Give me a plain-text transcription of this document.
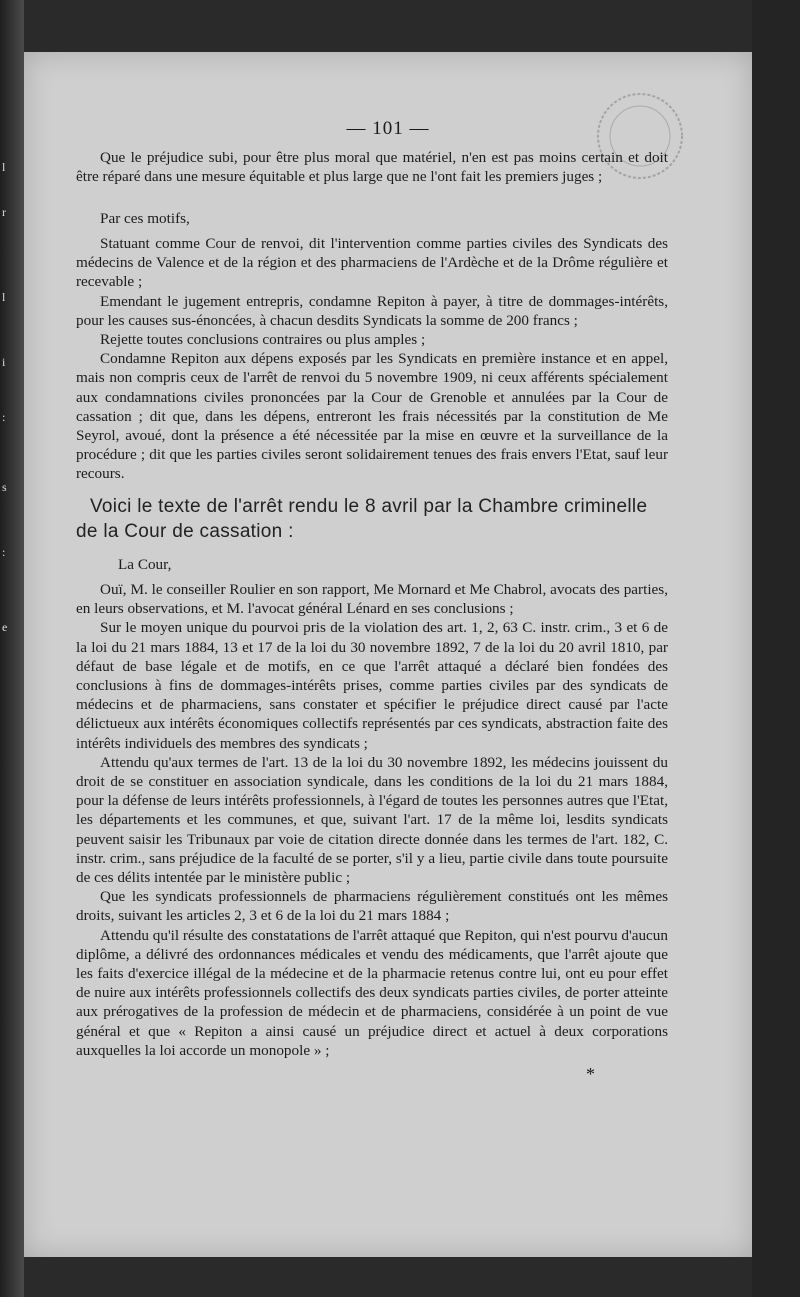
l
r
l
i
:
s
:
e
— 101 —

Que le préjudice subi, pour être plus moral que matériel, n'en est pas moins certain et doit être réparé dans une mesure équitable et plus large que ne l'ont fait les premiers juges ;

Par ces motifs,

Statuant comme Cour de renvoi, dit l'intervention comme parties civiles des Syndicats des médecins de Valence et de la région et des pharmaciens de l'Ardèche et de la Drôme régulière et recevable ;

Emendant le jugement entrepris, condamne Repiton à payer, à titre de dommages-intérêts, pour les causes sus-énoncées, à chacun desdits Syndicats la somme de 200 francs ;

Rejette toutes conclusions contraires ou plus amples ;

Condamne Repiton aux dépens exposés par les Syndicats en première instance et en appel, mais non compris ceux de l'arrêt de renvoi du 5 novembre 1909, ni ceux afférents spécialement aux condamnations civiles prononcées par la Cour de Grenoble et annulées par la Cour de cassation ; dit que, dans les dépens, entreront les frais nécessités par la constitution de Me Seyrol, avoué, dont la présence a été nécessitée par la mise en œuvre et la surveillance de la procédure ; dit que les parties civiles seront solidairement tenues des frais envers l'Etat, sauf leur recours.

Voici le texte de l'arrêt rendu le 8 avril par la Chambre criminelle de la Cour de cassation :
La Cour,

Ouï, M. le conseiller Roulier en son rapport, Me Mornard et Me Chabrol, avocats des parties, en leurs observations, et M. l'avocat général Lénard en ses conclusions ;

Sur le moyen unique du pourvoi pris de la violation des art. 1, 2, 63 C. instr. crim., 3 et 6 de la loi du 21 mars 1884, 13 et 17 de la loi du 30 novembre 1892, 7 de la loi du 20 avril 1810, par défaut de base légale et de motifs, en ce que l'arrêt attaqué a déclaré bien fondées des conclusions à fins de dommages-intérêts prises, comme parties civiles par des syndicats de médecins et de pharmaciens, sans constater et spécifier le préjudice direct causé par l'acte délictueux aux intérêts économiques collectifs représentés par ces syndicats, abstraction faite des intérêts individuels des membres des syndicats ;

Attendu qu'aux termes de l'art. 13 de la loi du 30 novembre 1892, les médecins jouissent du droit de se constituer en association syndicale, dans les conditions de la loi du 21 mars 1884, pour la défense de leurs intérêts professionnels, à l'égard de toutes les personnes autres que l'Etat, les départements et les communes, et que, suivant l'art. 17 de la même loi, lesdits syndicats peuvent saisir les Tribunaux par voie de citation directe donnée dans les termes de l'art. 182, C. instr. crim., sans préjudice de la faculté de se porter, s'il y a lieu, partie civile dans toute poursuite de ces délits intentée par le ministère public ;

Que les syndicats professionnels de pharmaciens régulièrement constitués ont les mêmes droits, suivant les articles 2, 3 et 6 de la loi du 21 mars 1884 ;

Attendu qu'il résulte des constatations de l'arrêt attaqué que Repiton, qui n'est pourvu d'aucun diplôme, a délivré des ordonnances médicales et vendu des médicaments, que l'arrêt ajoute que les faits d'exercice illégal de la médecine et de la pharmacie retenus contre lui, ont eu pour effet de nuire aux intérêts professionnels collectifs des deux syndicats parties civiles, de porter atteinte aux prérogatives de la profession de médecin et de pharmaciens, considérée à un point de vue général et que « Repiton a ainsi causé un préjudice direct et actuel à deux corporations auxquelles la loi accorde un monopole » ;

*
